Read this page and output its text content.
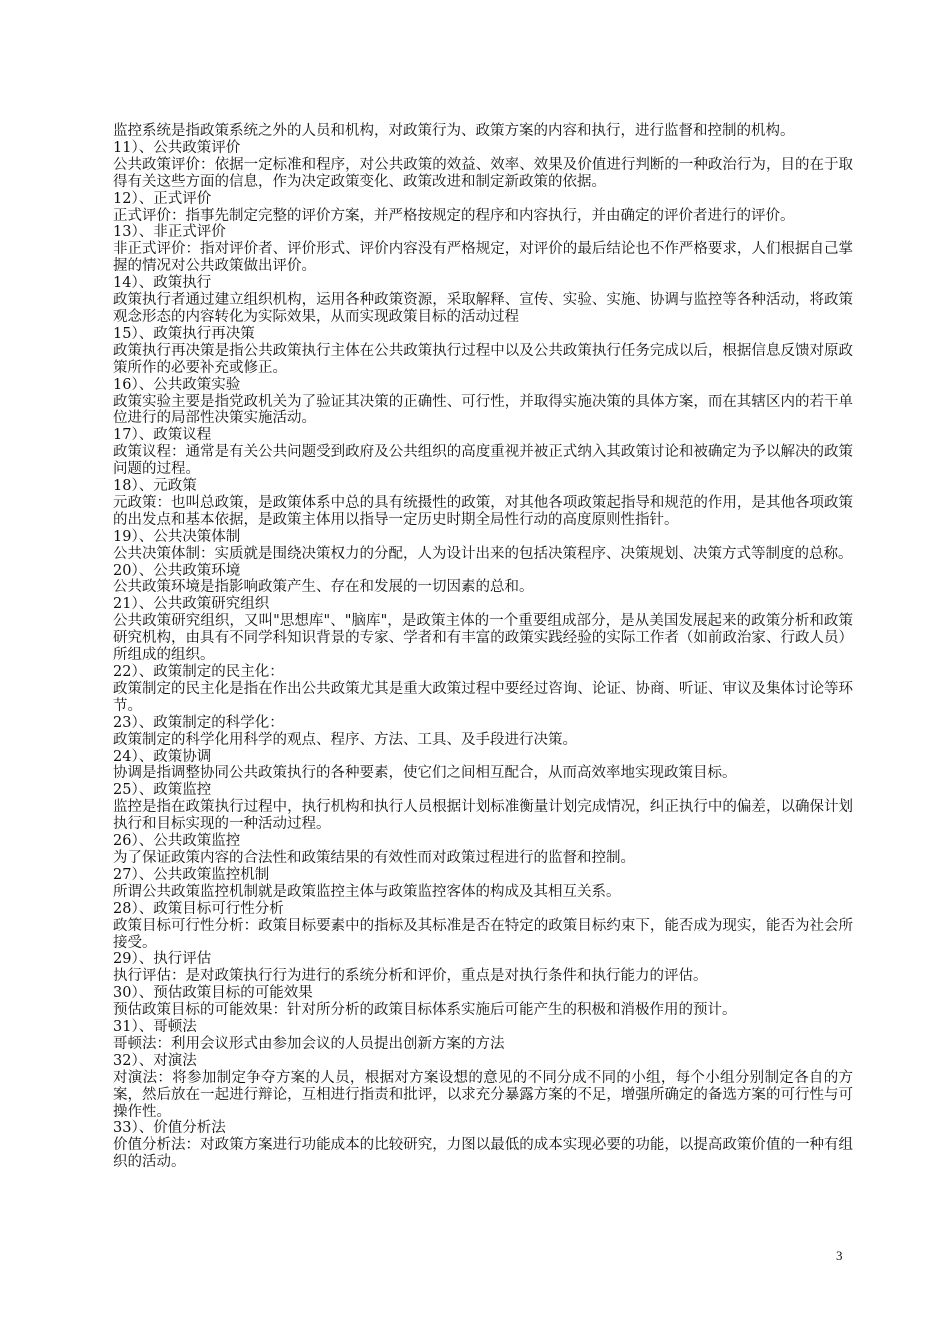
监控系统是指政策系统之外的人员和机构，对政策行为、政策方案的内容和执行，进行监督和控制的机构。

11）、公共政策评价

公共政策评价：依据一定标准和程序，对公共政策的效益、效率、效果及价值进行判断的一种政治行为，目的在于取得有关这些方面的信息，作为决定政策变化、政策改进和制定新政策的依据。

12）、正式评价

正式评价：指事先制定完整的评价方案，并严格按规定的程序和内容执行，并由确定的评价者进行的评价。

13）、非正式评价

非正式评价：指对评价者、评价形式、评价内容没有严格规定，对评价的最后结论也不作严格要求，人们根据自己掌握的情况对公共政策做出评价。

14）、政策执行

政策执行者通过建立组织机构，运用各种政策资源，采取解释、宣传、实验、实施、协调与监控等各种活动，将政策观念形态的内容转化为实际效果，从而实现政策目标的活动过程

15）、政策执行再决策

政策执行再决策是指公共政策执行主体在公共政策执行过程中以及公共政策执行任务完成以后，根据信息反馈对原政策所作的必要补充或修正。

16）、公共政策实验

政策实验主要是指党政机关为了验证其决策的正确性、可行性，并取得实施决策的具体方案，而在其辖区内的若干单位进行的局部性决策实施活动。

17）、政策议程

政策议程：通常是有关公共问题受到政府及公共组织的高度重视并被正式纳入其政策讨论和被确定为予以解决的政策问题的过程。

18）、元政策

元政策：也叫总政策，是政策体系中总的具有统摄性的政策，对其他各项政策起指导和规范的作用，是其他各项政策的出发点和基本依据，是政策主体用以指导一定历史时期全局性行动的高度原则性指针。

19）、公共决策体制

公共决策体制：实质就是围绕决策权力的分配，人为设计出来的包括决策程序、决策规划、决策方式等制度的总称。

20）、公共政策环境

公共政策环境是指影响政策产生、存在和发展的一切因素的总和。

21）、公共政策研究组织

公共政策研究组织，又叫"思想库"、"脑库"，是政策主体的一个重要组成部分，是从美国发展起来的政策分析和政策研究机构，由具有不同学科知识背景的专家、学者和有丰富的政策实践经验的实际工作者（如前政治家、行政人员）所组成的组织。

22）、政策制定的民主化：

政策制定的民主化是指在作出公共政策尤其是重大政策过程中要经过咨询、论证、协商、听证、审议及集体讨论等环节。

23）、政策制定的科学化：

政策制定的科学化用科学的观点、程序、方法、工具、及手段进行决策。

24）、政策协调

协调是指调整协同公共政策执行的各种要素，使它们之间相互配合，从而高效率地实现政策目标。

25）、政策监控

监控是指在政策执行过程中，执行机构和执行人员根据计划标准衡量计划完成情况，纠正执行中的偏差，以确保计划执行和目标实现的一种活动过程。

26）、公共政策监控

为了保证政策内容的合法性和政策结果的有效性而对政策过程进行的监督和控制。

27）、公共政策监控机制

所谓公共政策监控机制就是政策监控主体与政策监控客体的构成及其相互关系。

28）、政策目标可行性分析

政策目标可行性分析：政策目标要素中的指标及其标准是否在特定的政策目标约束下，能否成为现实，能否为社会所接受。

29）、执行评估

执行评估：是对政策执行行为进行的系统分析和评价，重点是对执行条件和执行能力的评估。

30）、预估政策目标的可能效果

预估政策目标的可能效果：针对所分析的政策目标体系实施后可能产生的积极和消极作用的预计。

31）、哥顿法

哥顿法：利用会议形式由参加会议的人员提出创新方案的方法

32）、对演法

对演法：将参加制定争夺方案的人员，根据对方案设想的意见的不同分成不同的小组，每个小组分别制定各自的方案，然后放在一起进行辩论，互相进行指责和批评，以求充分暴露方案的不足，增强所确定的备选方案的可行性与可操作性。

33）、价值分析法

价值分析法：对政策方案进行功能成本的比较研究，力图以最低的成本实现必要的功能，以提高政策价值的一种有组织的活动。

3
